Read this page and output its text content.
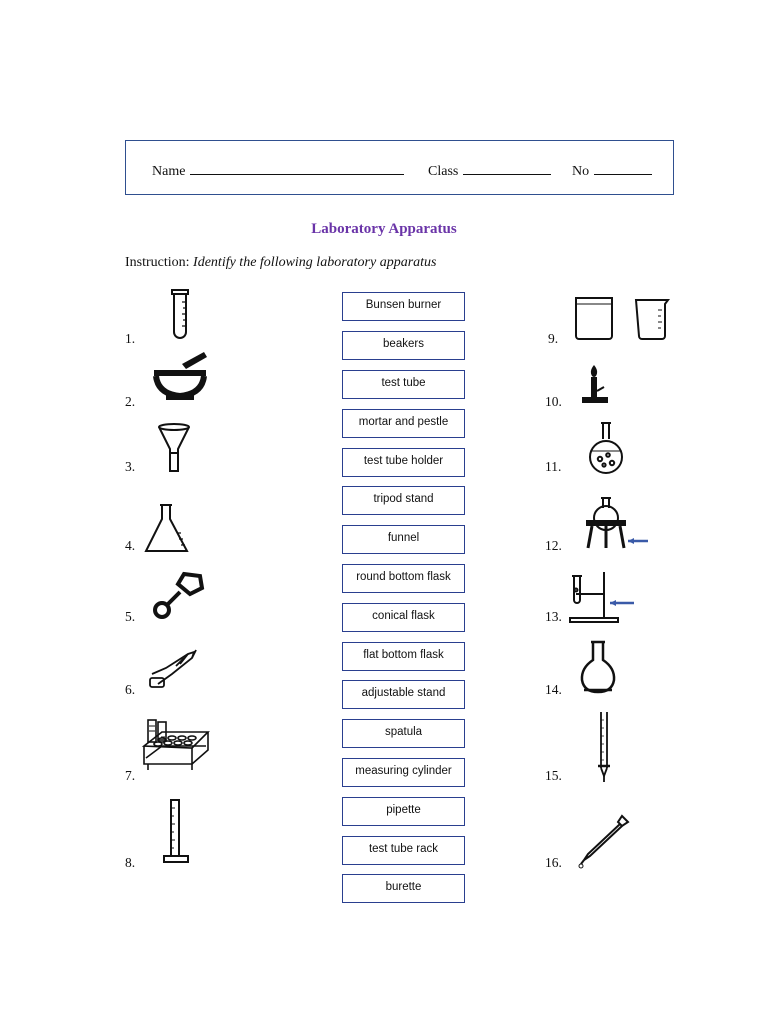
Name	Class	No
Laboratory Apparatus
Instruction: Identify the following laboratory apparatus
1.
2.
3.
4.
5.
6.
7.
8.
9.
10.
11.
12.
13.
14.
15.
16.
Bunsen burner
beakers
test tube
mortar and pestle
test tube holder
tripod stand
funnel
round bottom flask
conical flask
flat bottom flask
adjustable stand
spatula
measuring cylinder
pipette
test tube rack
burette
